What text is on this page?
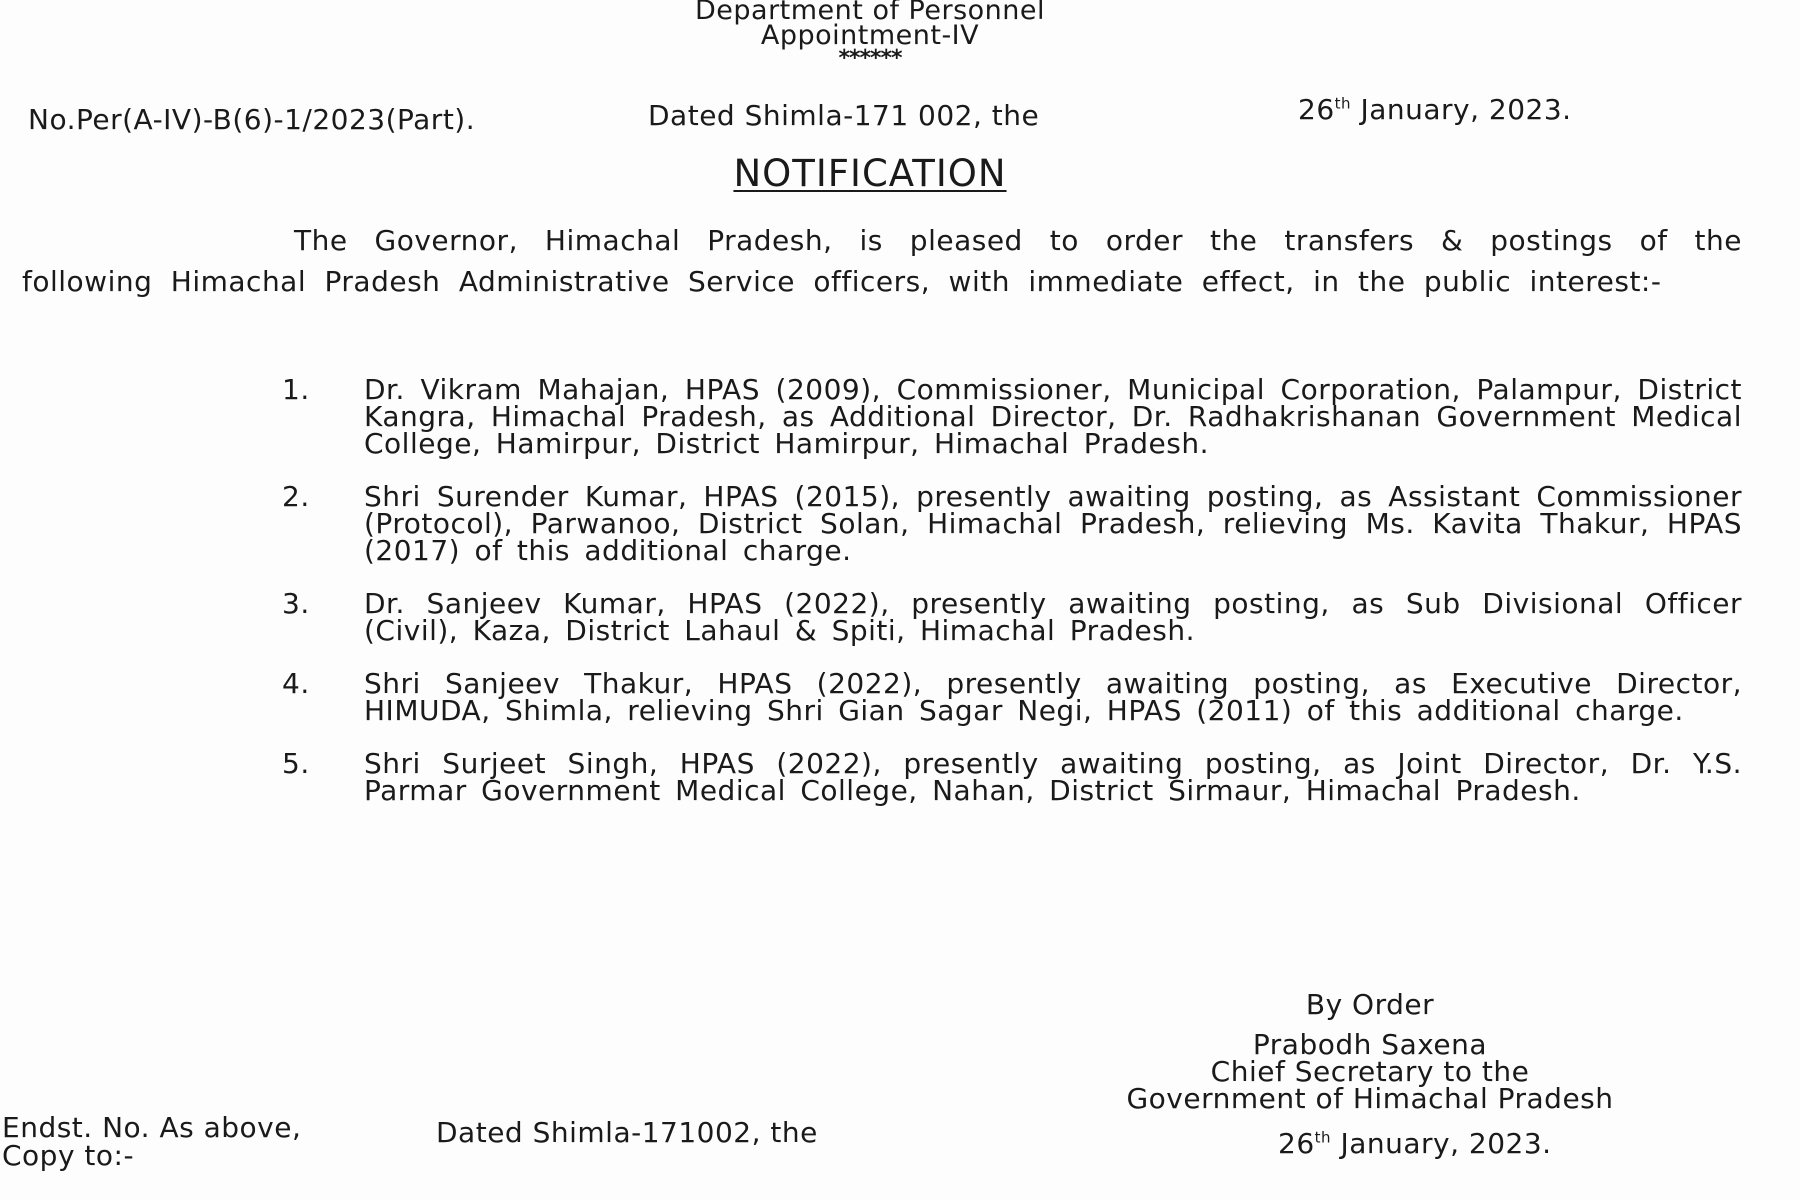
Department of Personnel
Appointment-IV
******
No.Per(A-IV)-B(6)-1/2023(Part).	Dated Shimla-171 002, the	26th January, 2023.
NOTIFICATION

The Governor, Himachal Pradesh, is pleased to order the transfers & postings of the following Himachal Pradesh Administrative Service officers, with immediate effect, in the public interest:-

1.	Dr. Vikram Mahajan, HPAS (2009), Commissioner, Municipal Corporation, Palampur, District Kangra, Himachal Pradesh, as Additional Director, Dr. Radhakrishanan Government Medical College, Hamirpur, District Hamirpur, Himachal Pradesh.
2.	Shri Surender Kumar, HPAS (2015), presently awaiting posting, as Assistant Commissioner (Protocol), Parwanoo, District Solan, Himachal Pradesh, relieving Ms. Kavita Thakur, HPAS (2017) of this additional charge.
3.	Dr. Sanjeev Kumar, HPAS (2022), presently awaiting posting, as Sub Divisional Officer (Civil), Kaza, District Lahaul & Spiti, Himachal Pradesh.
4.	Shri Sanjeev Thakur, HPAS (2022), presently awaiting posting, as Executive Director, HIMUDA, Shimla, relieving Shri Gian Sagar Negi, HPAS (2011) of this additional charge.
5.	Shri Surjeet Singh, HPAS (2022), presently awaiting posting, as Joint Director, Dr. Y.S. Parmar Government Medical College, Nahan, District Sirmaur, Himachal Pradesh.
By Order
Prabodh Saxena
Chief Secretary to the
Government of Himachal Pradesh
Endst. No. As above,	Dated Shimla-171002, the
Copy to:-	26th January, 2023.
